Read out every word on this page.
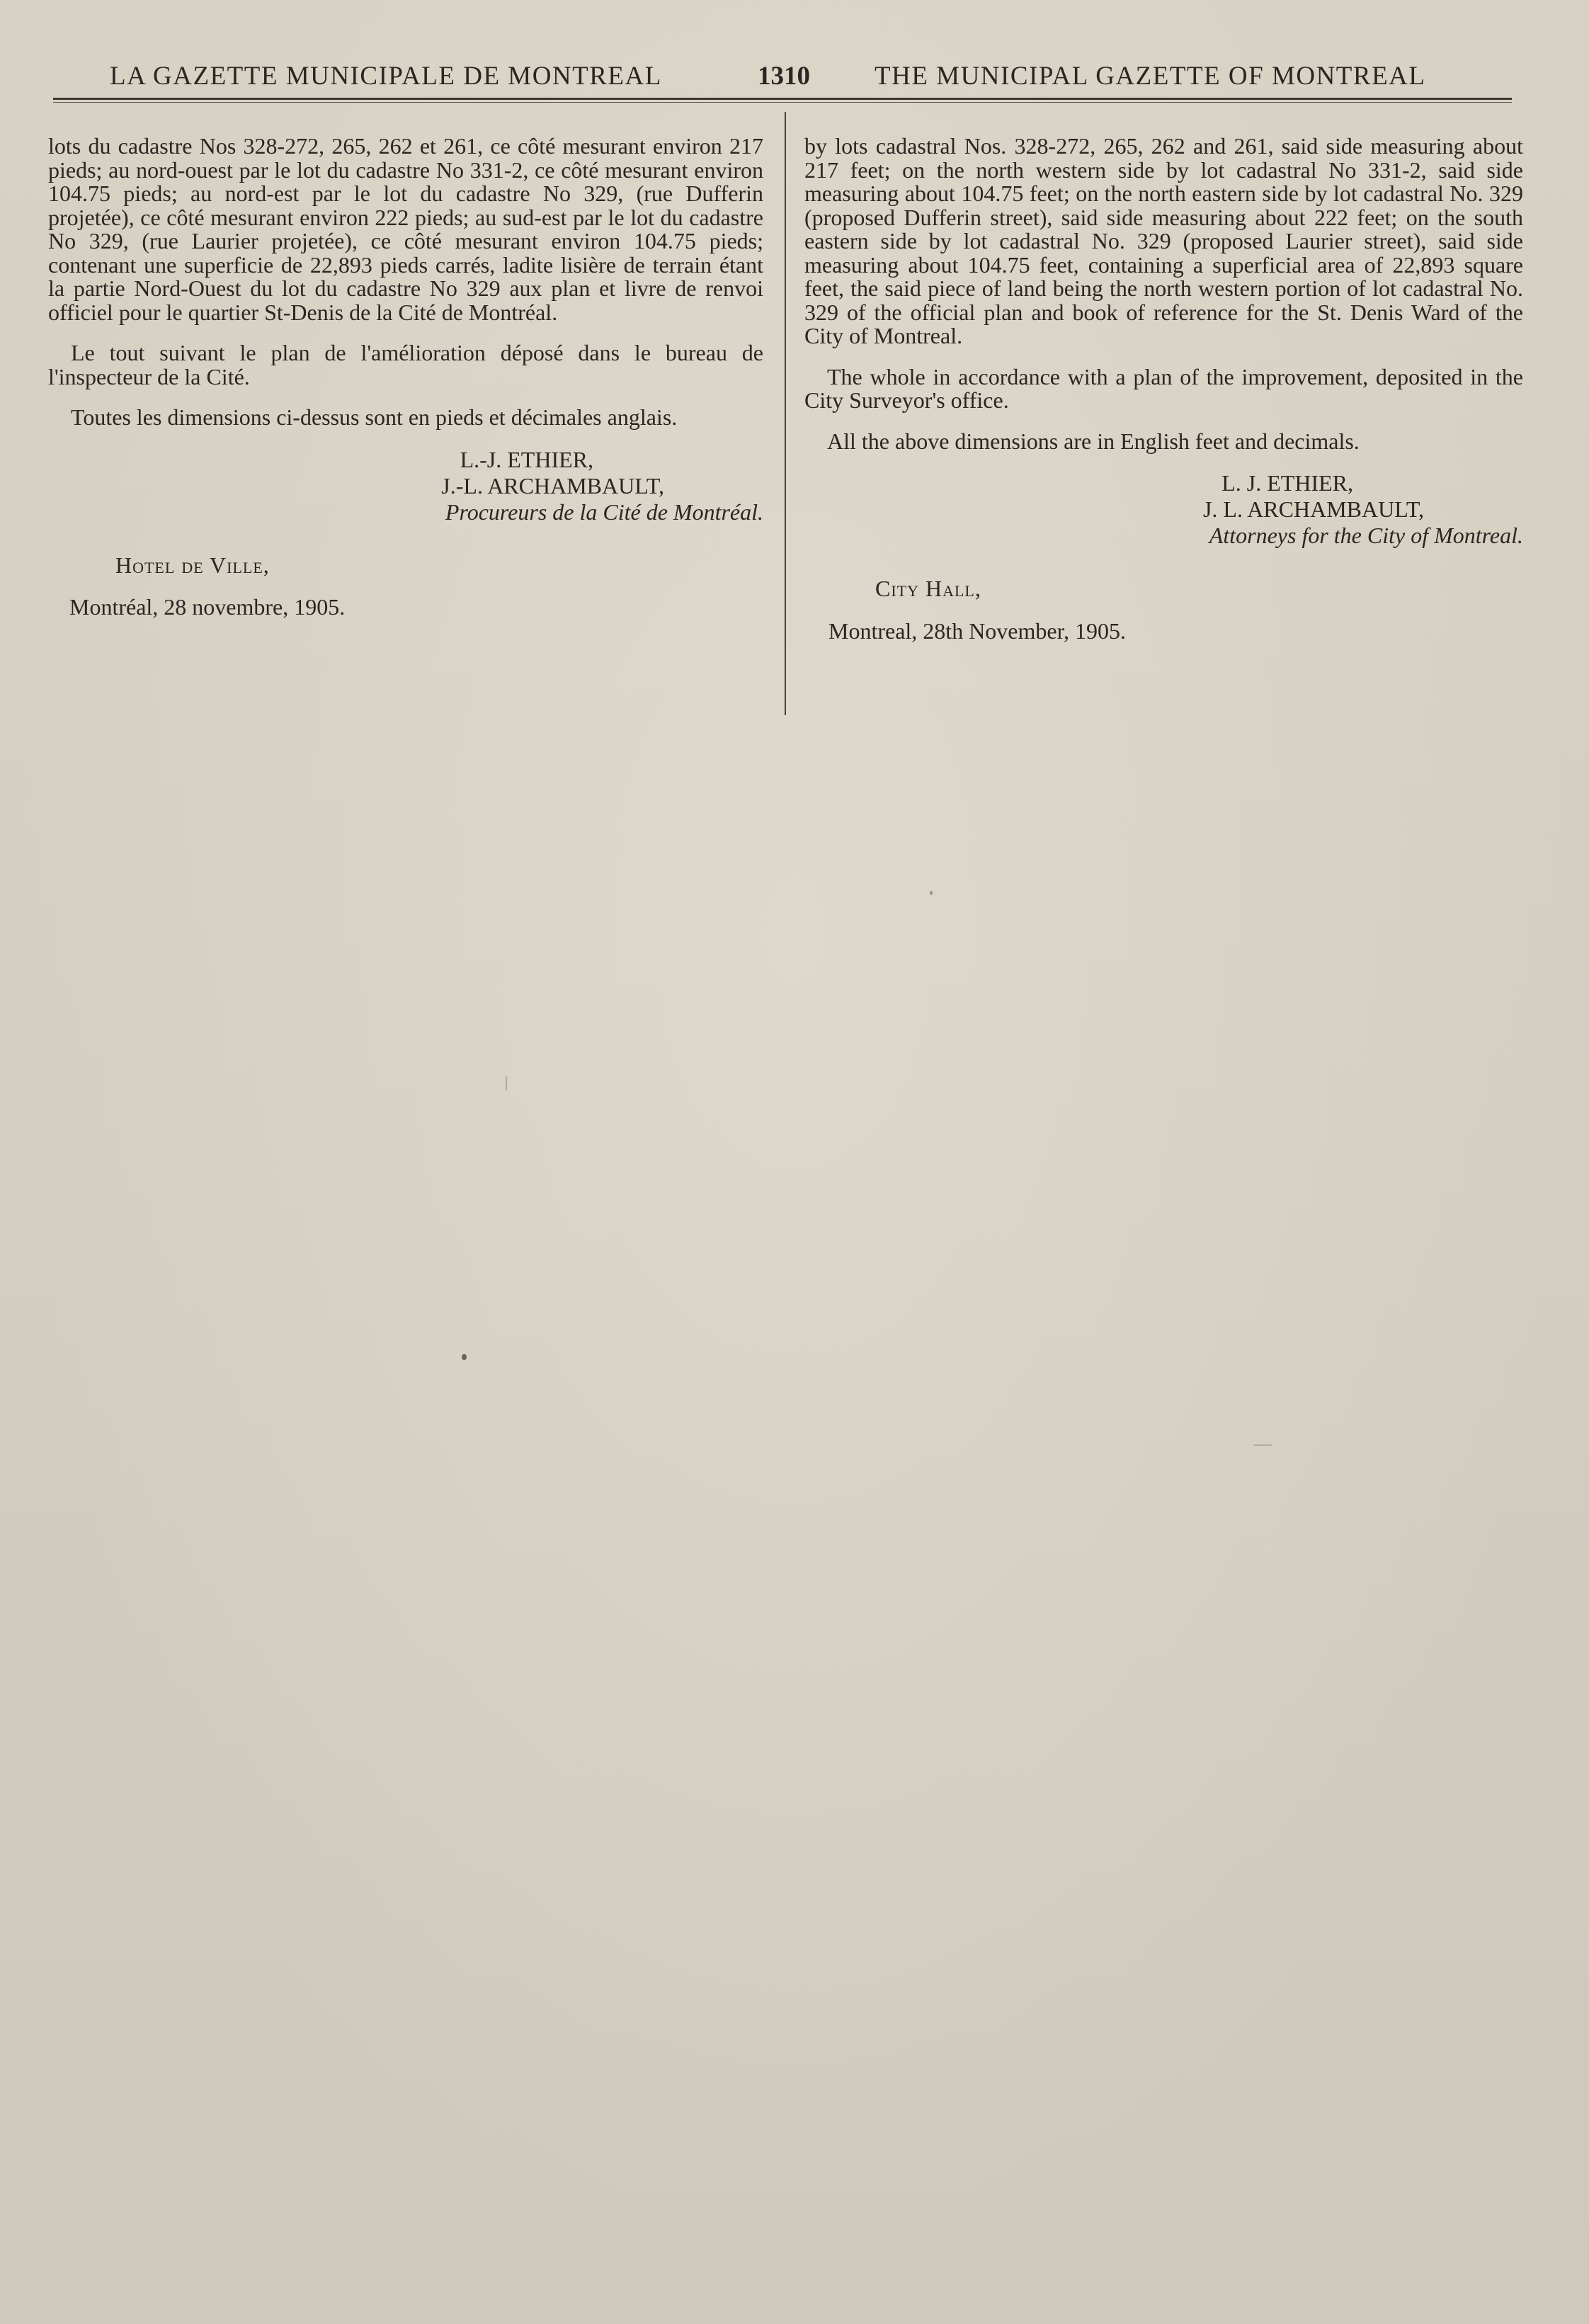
LA GAZETTE MUNICIPALE DE MONTREAL	1310 THE MUNICIPAL GAZETTE OF MONTREAL

lots du cadastre Nos 328-272, 265, 262 et 261, ce côté mesurant environ 217 pieds; au nord-ouest par le lot du cadastre No 331-2, ce côté mesurant environ 104.75 pieds; au nord-est par le lot du cadastre No 329, (rue Dufferin projetée), ce côté mesurant environ 222 pieds; au sud-est par le lot du cadastre No 329, (rue Laurier projetée), ce côté mesurant environ 104.75 pieds; contenant une superficie de 22,893 pieds carrés, ladite lisière de terrain étant la partie Nord-Ouest du lot du cadastre No 329 aux plan et livre de renvoi officiel pour le quartier St-Denis de la Cité de Montréal.

Le tout suivant le plan de l'amélioration déposé dans le bureau de l'inspecteur de la Cité.

Toutes les dimensions ci-dessus sont en pieds et décimales anglais.

L.-J. ETHIER,
J.-L. ARCHAMBAULT,
Procureurs de la Cité de Montréal.
Hotel de Ville,
Montréal, 28 novembre, 1905.

by lots cadastral Nos. 328-272, 265, 262 and 261, said side measuring about 217 feet; on the north western side by lot cadastral No 331-2, said side measuring about 104.75 feet; on the north eastern side by lot cadastral No. 329 (proposed Dufferin street), said side measuring about 222 feet; on the south eastern side by lot cadastral No. 329 (proposed Laurier street), said side measuring about 104.75 feet, containing a superficial area of 22,893 square feet, the said piece of land being the north western portion of lot cadastral No. 329 of the official plan and book of reference for the St. Denis Ward of the City of Montreal.

The whole in accordance with a plan of the improvement, deposited in the City Surveyor's office.

All the above dimensions are in English feet and decimals.

L. J. ETHIER,
J. L. ARCHAMBAULT,
Attorneys for the City of Montreal.
City Hall,
Montreal, 28th November, 1905.
